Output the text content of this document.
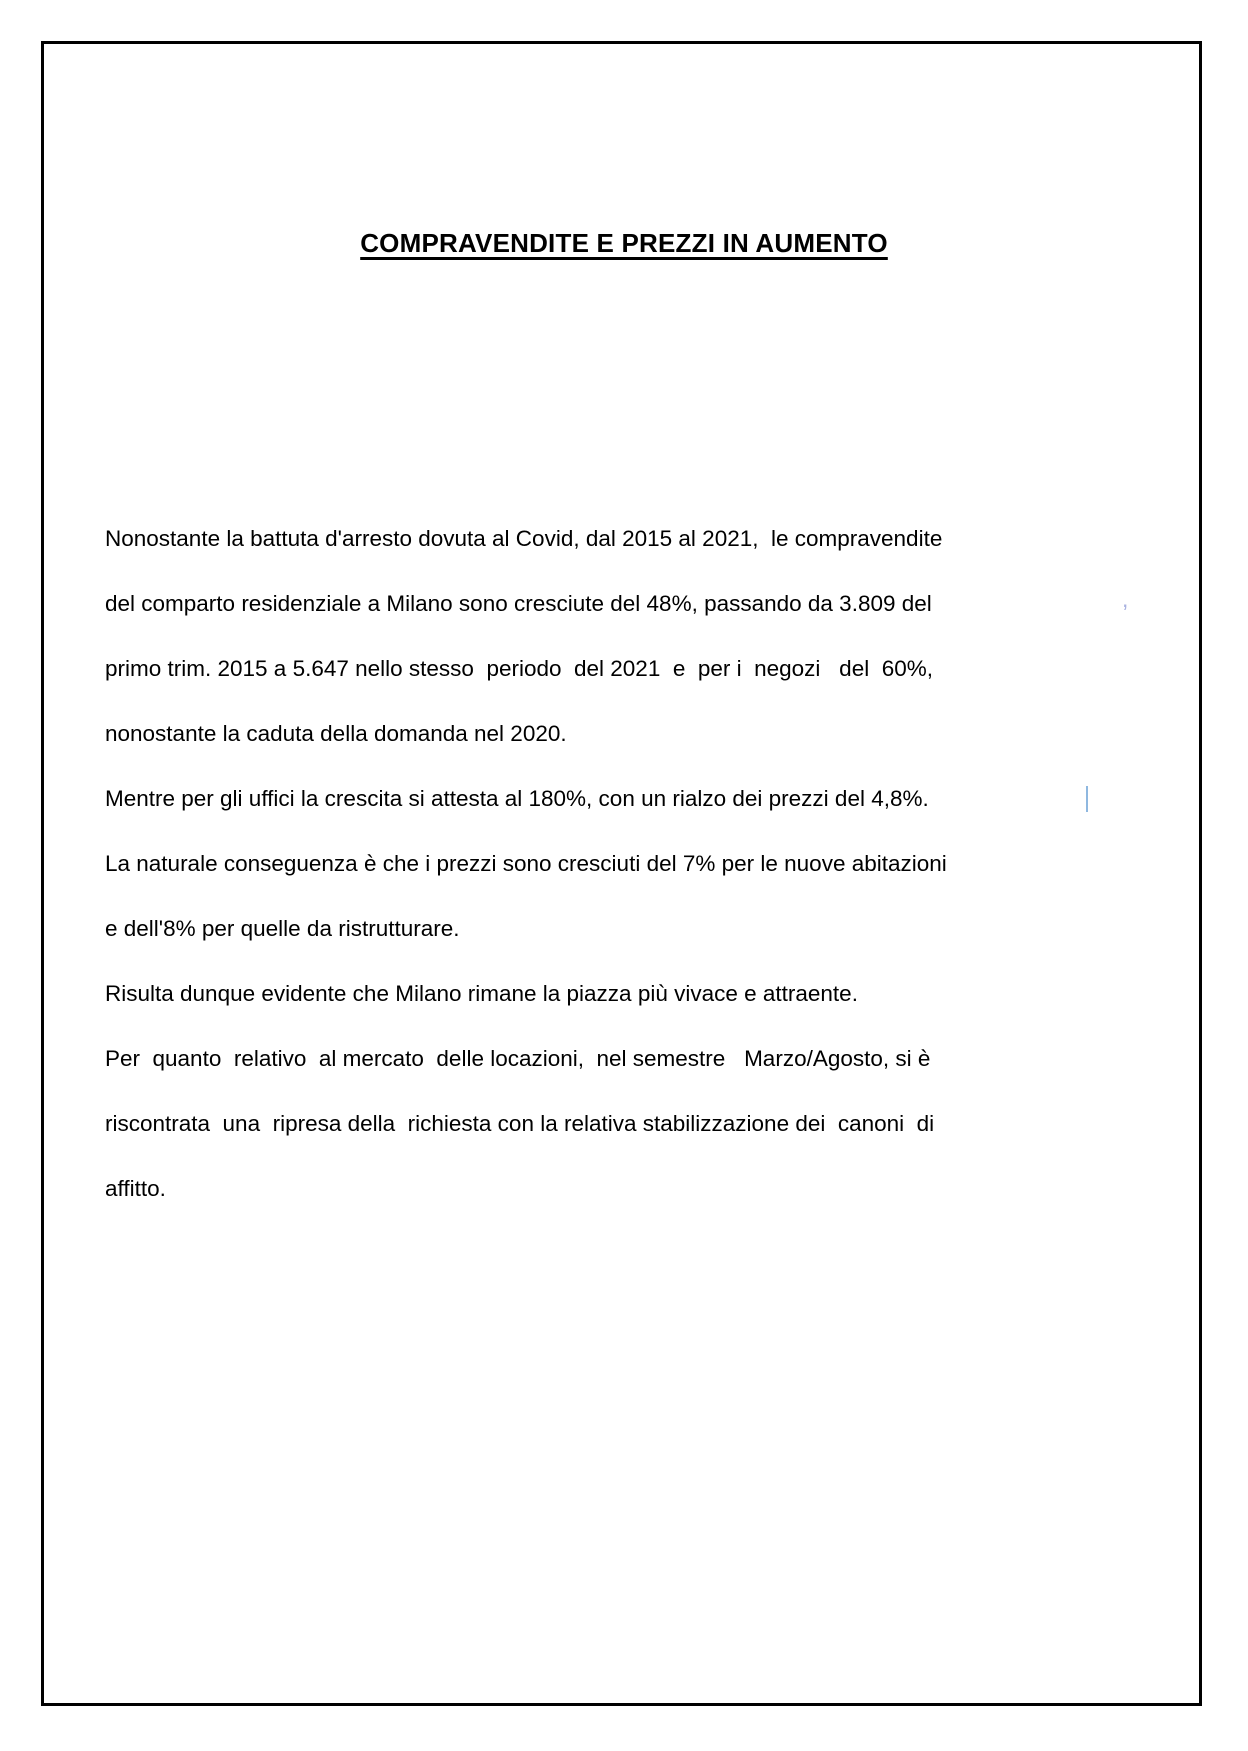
COMPRAVENDITE E PREZZI IN AUMENTO
Nonostante la battuta d'arresto dovuta al Covid, dal 2015 al 2021,  le compravendite
del comparto residenziale a Milano sono cresciute del 48%, passando da 3.809 del
primo trim. 2015 a 5.647 nello stesso  periodo  del 2021  e  per i  negozi   del  60%,
nonostante la caduta della domanda nel 2020.
Mentre per gli uffici la crescita si attesta al 180%, con un rialzo dei prezzi del 4,8%.
La naturale conseguenza è che i prezzi sono cresciuti del 7% per le nuove abitazioni
e dell'8% per quelle da ristrutturare.
Risulta dunque evidente che Milano rimane la piazza più vivace e attraente.
Per  quanto  relativo  al mercato  delle locazioni,  nel semestre   Marzo/Agosto, si è
riscontrata  una  ripresa della  richiesta con la relativa stabilizzazione dei  canoni  di
affitto.
,
